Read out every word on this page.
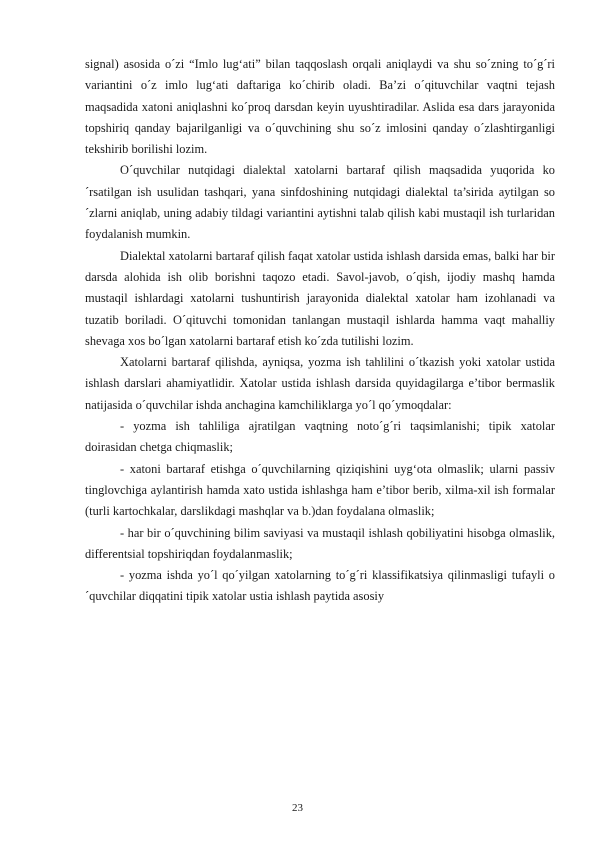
signal) asosida o´zi “Imlo lug‘ati” bilan taqqoslash orqali aniqlaydi va shu so´zning to´g´ri variantini o´z imlo lug‘ati daftariga ko´chirib oladi. Ba’zi o´qituvchilar vaqtni tejash maqsadida xatoni aniqlashni ko´proq darsdan keyin uyushtiradilar. Aslida esa dars jarayonida topshiriq qanday bajarilganligi va o´quvchining shu so´z imlosini qanday o´zlashtirganligi tekshirib borilishi lozim.

O´quvchilar nutqidagi dialektal xatolarni bartaraf qilish maqsadida yuqorida ko´rsatilgan ish usulidan tashqari, yana sinfdoshining nutqidagi dialektal ta’sirida aytilgan so´zlarni aniqlab, uning adabiy tildagi variantini aytishni talab qilish kabi mustaqil ish turlaridan foydalanish mumkin.

Dialektal xatolarni bartaraf qilish faqat xatolar ustida ishlash darsida emas, balki har bir darsda alohida ish olib borishni taqozo etadi. Savol-javob, o´qish, ijodiy mashq hamda mustaqil ishlardagi xatolarni tushuntirish jarayonida dialektal xatolar ham izohlanadi va tuzatib boriladi. O´qituvchi tomonidan tanlangan mustaqil ishlarda hamma vaqt mahalliy shevaga xos bo´lgan xatolarni bartaraf etish ko´zda tutilishi lozim.

Xatolarni bartaraf qilishda, ayniqsa, yozma ish tahlilini o´tkazish yoki xatolar ustida ishlash darslari ahamiyatlidir. Xatolar ustida ishlash darsida quyidagilarga e’tibor bermaslik natijasida o´quvchilar ishda anchagina kamchiliklarga yo´l qo´ymoqdalar:

- yozma ish tahliliga ajratilgan vaqtning noto´g´ri taqsimlanishi; tipik xatolar doirasidan chetga chiqmaslik;

- xatoni bartaraf etishga o´quvchilarning qiziqishini uyg‘ota olmaslik; ularni passiv tinglovchiga aylantirish hamda xato ustida ishlashga ham e’tibor berib, xilma-xil ish formalar (turli kartochkalar, darslikdagi mashqlar va b.)dan foydalana olmaslik;

- har bir o´quvchining bilim saviyasi va mustaqil ishlash qobiliyatini hisobga olmaslik, differentsial topshiriqdan foydalanmaslik;

- yozma ishda yo´l qo´yilgan xatolarning to´g´ri klassifikatsiya qilinmasligi tufayli o´quvchilar diqqatini tipik xatolar ustia ishlash paytida asosiy

23
